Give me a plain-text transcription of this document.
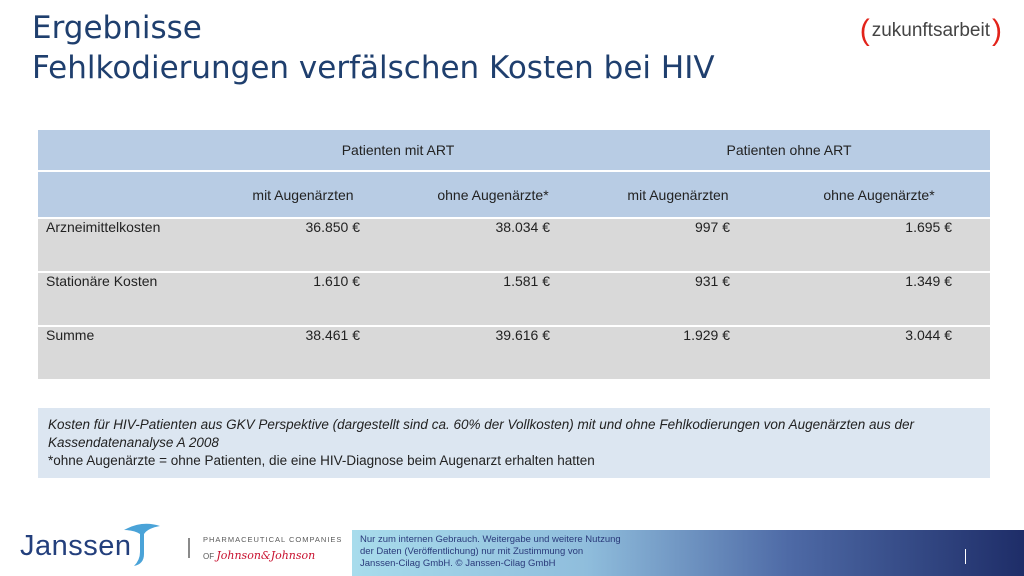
Ergebnisse
Fehlkodierungen verfälschen Kosten bei HIV
( zukunftsarbeit )
	Patienten mit ART		Patienten ohne ART	
	mit Augenärzten	ohne Augenärzte*	mit Augenärzten	ohne Augenärzte*
Arzneimittelkosten	36.850 €	38.034 €	997 €	1.695 €
Stationäre Kosten	1.610 €	1.581 €	931 €	1.349 €
Summe	38.461 €	39.616 €	1.929 €	3.044 €
Kosten für HIV-Patienten aus GKV Perspektive (dargestellt sind ca. 60% der Vollkosten) mit und ohne Fehlkodierungen von Augenärzten aus der Kassendatenanalyse A 2008
*ohne Augenärzte = ohne Patienten, die eine HIV-Diagnose beim Augenarzt erhalten hatten
Janssen	PHARMACEUTICAL COMPANIES
OF Johnson&Johnson
Nur zum internen Gebrauch. Weitergabe und weitere Nutzung
der Daten (Veröffentlichung) nur mit Zustimmung von
Janssen-Cilag GmbH. © Janssen-Cilag GmbH
